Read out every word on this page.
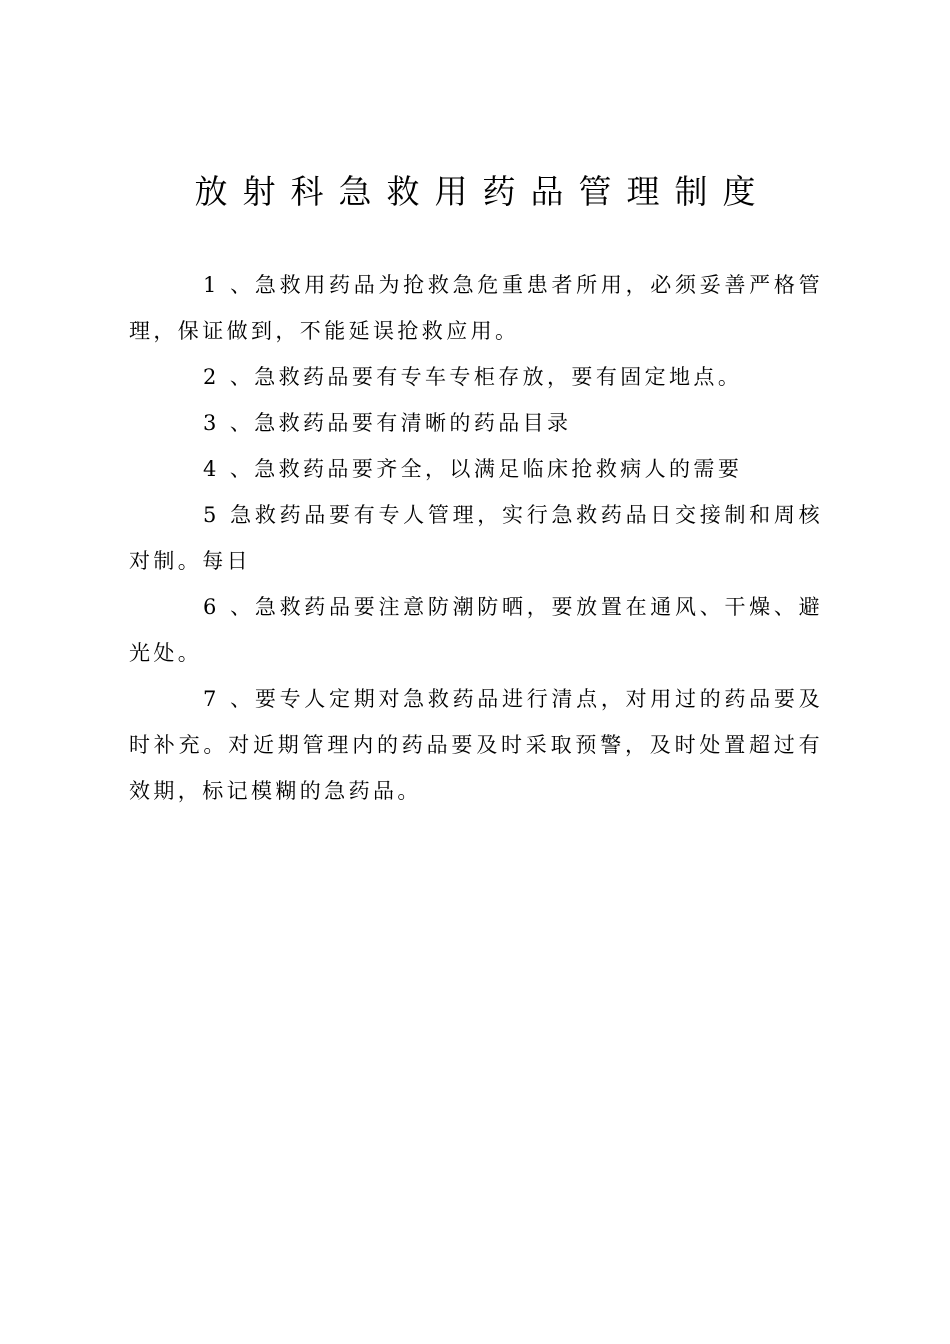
放射科急救用药品管理制度

1 、急救用药品为抢救急危重患者所用，必须妥善严格管理，保证做到，不能延误抢救应用。

2 、急救药品要有专车专柜存放，要有固定地点。

3 、急救药品要有清晰的药品目录

4 、急救药品要齐全，以满足临床抢救病人的需要

5 急救药品要有专人管理，实行急救药品日交接制和周核对制。每日

6 、急救药品要注意防潮防晒，要放置在通风、干燥、避光处。

7 、要专人定期对急救药品进行清点，对用过的药品要及时补充。对近期管理内的药品要及时采取预警，及时处置超过有效期，标记模糊的急药品。
